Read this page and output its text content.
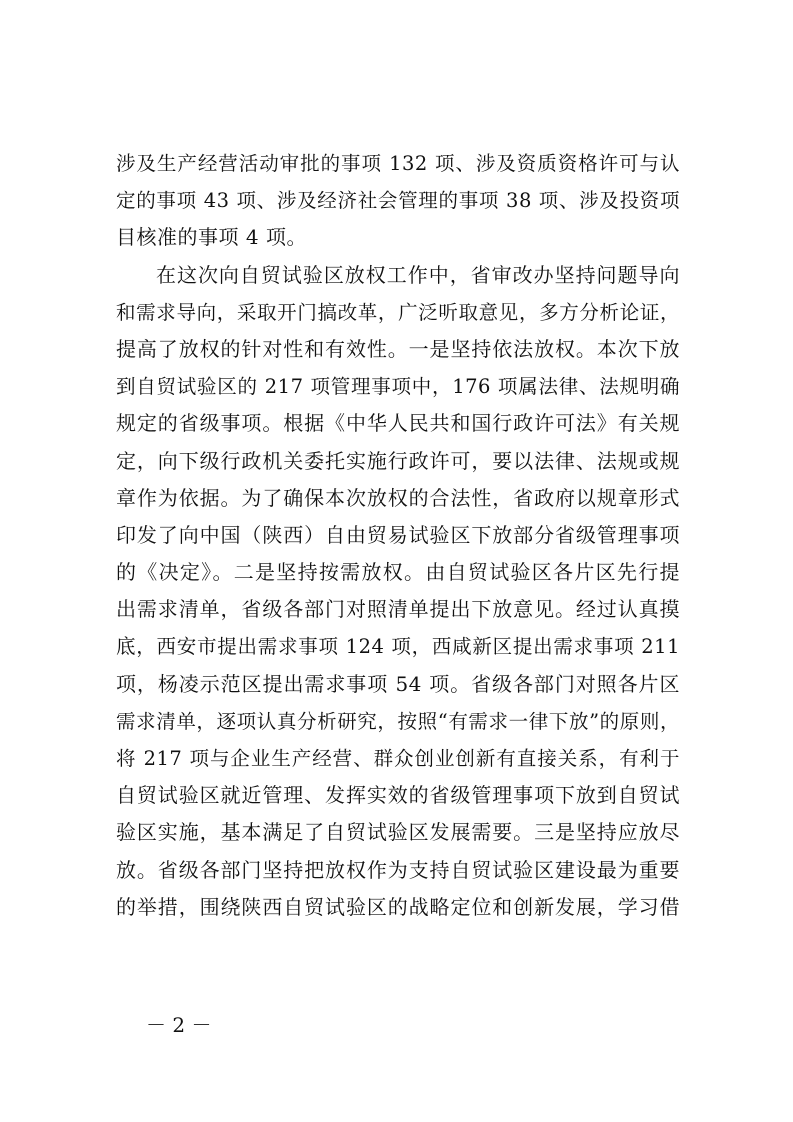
涉及生产经营活动审批的事项 132 项、涉及资质资格许可与认
定的事项 43 项、涉及经济社会管理的事项 38 项、涉及投资项
目核准的事项 4 项。
在这次向自贸试验区放权工作中，省审改办坚持问题导向
和需求导向，采取开门搞改革，广泛听取意见，多方分析论证，
提高了放权的针对性和有效性。一是坚持依法放权。本次下放
到自贸试验区的 217 项管理事项中，176 项属法律、法规明确
规定的省级事项。根据《中华人民共和国行政许可法》有关规
定，向下级行政机关委托实施行政许可，要以法律、法规或规
章作为依据。为了确保本次放权的合法性，省政府以规章形式
印发了向中国（陕西）自由贸易试验区下放部分省级管理事项
的《决定》。二是坚持按需放权。由自贸试验区各片区先行提
出需求清单，省级各部门对照清单提出下放意见。经过认真摸
底，西安市提出需求事项 124 项，西咸新区提出需求事项 211
项，杨凌示范区提出需求事项 54 项。省级各部门对照各片区
需求清单，逐项认真分析研究，按照“有需求一律下放”的原则，
将 217 项与企业生产经营、群众创业创新有直接关系，有利于
自贸试验区就近管理、发挥实效的省级管理事项下放到自贸试
验区实施，基本满足了自贸试验区发展需要。三是坚持应放尽
放。省级各部门坚持把放权作为支持自贸试验区建设最为重要
的举措，围绕陕西自贸试验区的战略定位和创新发展，学习借
－ 2 －
